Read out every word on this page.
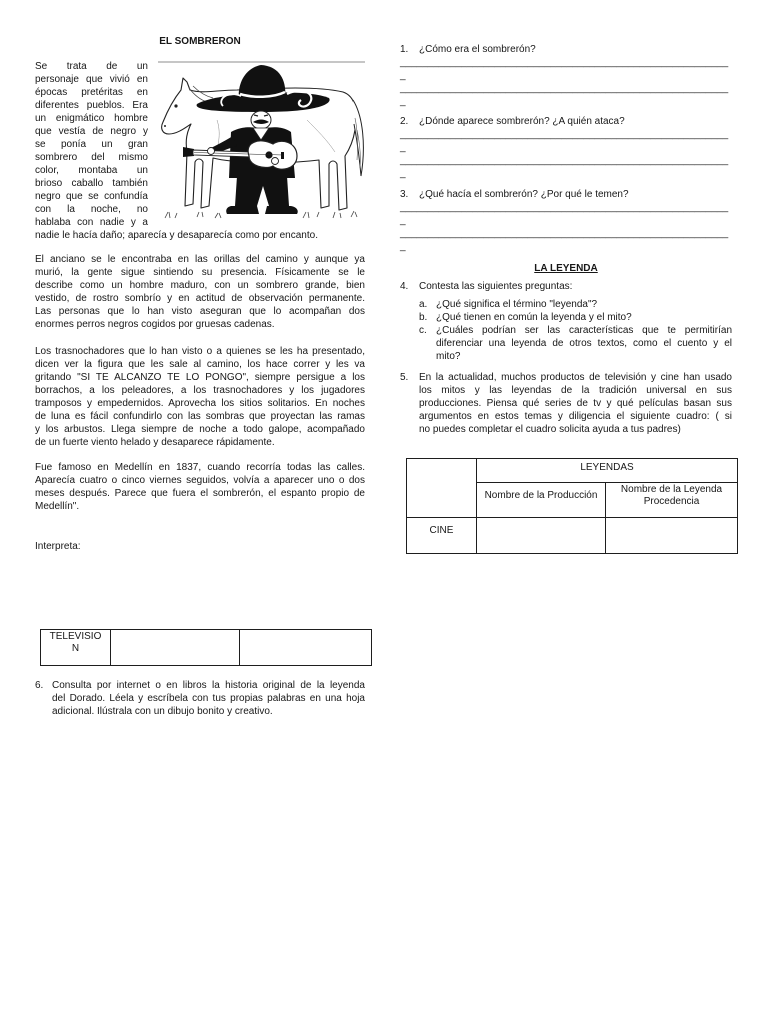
EL SOMBRERON
Se trata de un
personaje que vivió en
épocas pretéritas en
diferentes pueblos. Era
un enigmático hombre
que vestía de negro y
se ponía un gran
sombrero del mismo
color, montaba un
brioso caballo también
negro que se confundía
con la noche, no
hablaba con nadie y a
nadie le hacía daño; aparecía y desaparecía como por encanto.
El anciano se le encontraba en las orillas del camino y aunque ya
murió, la gente sigue sintiendo su presencia. Físicamente se le
describe como un hombre maduro, con un sombrero grande, bien
vestido, de rostro sombrío y en actitud de observación permanente.
Las personas que lo han visto aseguran que lo acompañan dos
enormes perros negros cogidos por gruesas cadenas.
Los trasnochadores que lo han visto o a quienes se les ha presentado,
dicen ver la figura que les sale al camino, los hace correr y les va
gritando "SI TE ALCANZO TE LO PONGO", siempre persigue a los
borrachos, a los peleadores, a los trasnochadores y los jugadores
tramposos y empedernidos. Aprovecha los sitios solitarios. En noches
de luna es fácil confundirlo con las sombras que proyectan las ramas
y los arbustos. Llega siempre de noche a todo galope, acompañado
de un fuerte viento helado y desaparece rápidamente.
Fue famoso en Medellín en 1837, cuando recorría todas las calles.
Aparecía cuatro o cinco viernes seguidos, volvía a aparecer uno o dos
meses después. Parece que fuera el sombrerón, el espanto propio de
Medellín".
Interpreta:
TELEVISIO
N

6. Consulta por internet o en libros la historia original de la leyenda
del Dorado. Léela y escríbela con tus propias palabras en una hoja
adicional. Ilústrala con un dibujo bonito y creativo.
1. ¿Cómo era el sombrerón?
___________________________________________________________
_
___________________________________________________________
_
2. ¿Dónde aparece sombrerón? ¿A quién ataca?
___________________________________________________________
_
___________________________________________________________
_
3. ¿Qué hacía el sombrerón? ¿Por qué le temen?
___________________________________________________________
_
___________________________________________________________
_
LA LEYENDA
4. Contesta las siguientes preguntas:
a. ¿Qué significa el término "leyenda"?
b. ¿Qué tienen en común la leyenda y el mito?
c. ¿Cuáles podrían ser las características que te permitirían
diferenciar una leyenda de otros textos, como el cuento y el
mito?
5. En la actualidad, muchos productos de televisión y cine han usado
los mitos y las leyendas de la tradición universal en sus
producciones. Piensa qué series de tv y qué películas basan sus
argumentos en estos temas y diligencia el siguiente cuadro: ( si
no puedes completar el cuadro solicita ayuda a tus padres)
	LEYENDAS	
	Nombre de la Producción	Nombre de la Leyenda
Procedencia

CINE		
